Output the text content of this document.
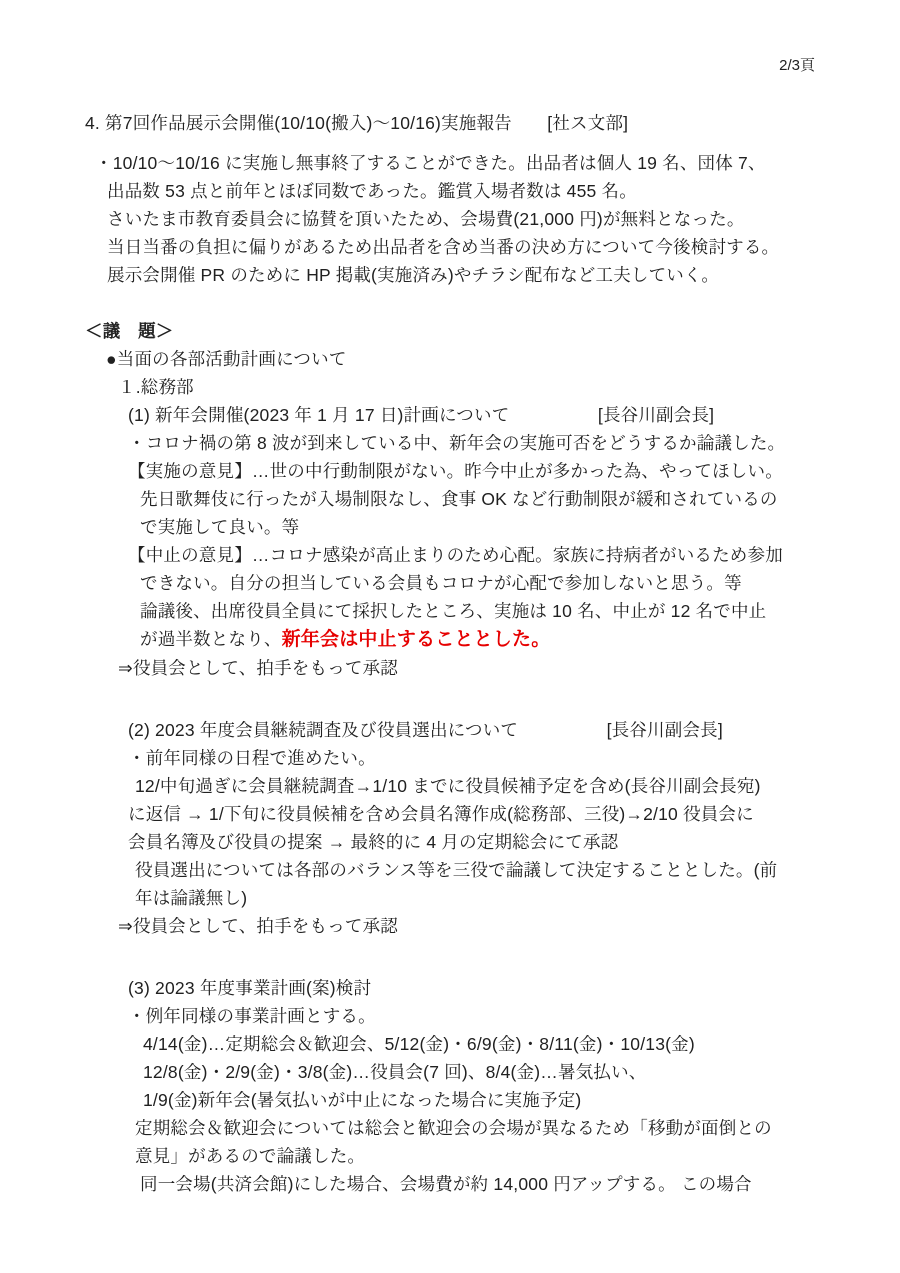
2/3頁
4. 第7回作品展示会開催(10/10(搬入)～10/16)実施報告　　[社ス文部]
・10/10～10/16 に実施し無事終了することができた。出品者は個人 19 名、団体 7、
出品数 53 点と前年とほぼ同数であった。鑑賞入場者数は 455 名。
さいたま市教育委員会に協賛を頂いたため、会場費(21,000 円)が無料となった。
当日当番の負担に偏りがあるため出品者を含め当番の決め方について今後検討する。
展示会開催 PR のために HP 掲載(実施済み)やチラシ配布など工夫していく。
＜議　題＞
●当面の各部活動計画について
１.総務部
(1) 新年会開催(2023 年 1 月 17 日)計画について　　　　　[長谷川副会長]
・コロナ禍の第 8 波が到来している中、新年会の実施可否をどうするか論議した。
【実施の意見】…世の中行動制限がない。昨今中止が多かった為、やってほしい。
先日歌舞伎に行ったが入場制限なし、食事 OK など行動制限が緩和されているの
で実施して良い。等
【中止の意見】…コロナ感染が高止まりのため心配。家族に持病者がいるため参加
できない。自分の担当している会員もコロナが心配で参加しないと思う。等
論議後、出席役員全員にて採択したところ、実施は 10 名、中止が 12 名で中止
が過半数となり、新年会は中止することとした。
⇒役員会として、拍手をもって承認
(2) 2023 年度会員継続調査及び役員選出について　　　　　[長谷川副会長]
・前年同様の日程で進めたい。
12/中旬過ぎに会員継続調査→1/10 までに役員候補予定を含め(長谷川副会長宛)
に返信 → 1/下旬に役員候補を含め会員名簿作成(総務部、三役)→2/10 役員会に
会員名簿及び役員の提案 → 最終的に 4 月の定期総会にて承認
役員選出については各部のバランス等を三役で論議して決定することとした。(前
年は論議無し)
⇒役員会として、拍手をもって承認
(3) 2023 年度事業計画(案)検討
・例年同様の事業計画とする。
4/14(金)…定期総会＆歓迎会、5/12(金)・6/9(金)・8/11(金)・10/13(金)
12/8(金)・2/9(金)・3/8(金)…役員会(7 回)、8/4(金)…暑気払い、
1/9(金)新年会(暑気払いが中止になった場合に実施予定)
定期総会＆歓迎会については総会と歓迎会の会場が異なるため「移動が面倒との
意見」があるので論議した。
同一会場(共済会館)にした場合、会場費が約 14,000 円アップする。 この場合
